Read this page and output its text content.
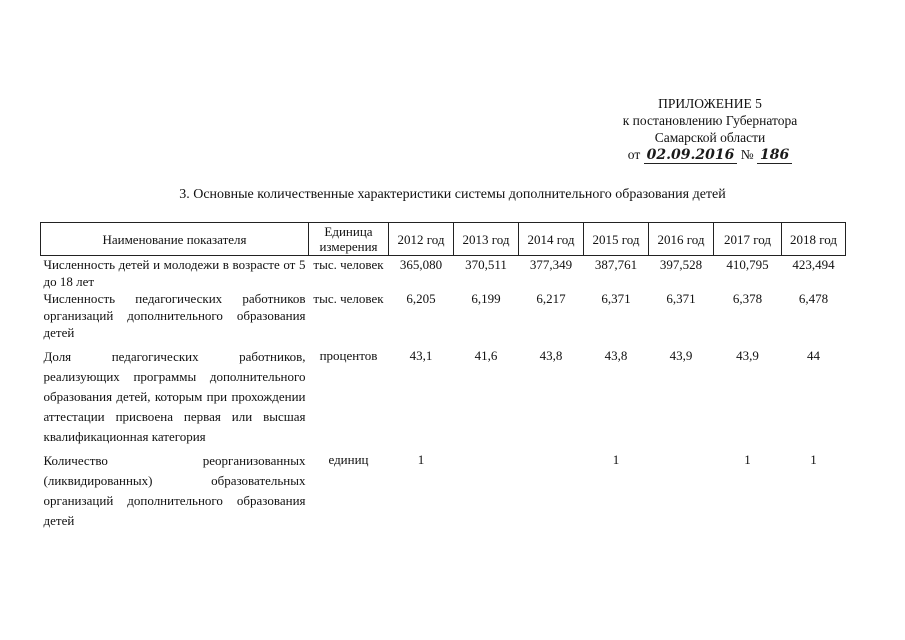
ПРИЛОЖЕНИЕ 5
к постановлению Губернатора
Самарской области
от 02.09.2016 № 186
3. Основные количественные характеристики системы дополнительного образования детей
Наименование показателя	Единица измерения	2012 год	2013 год	2014 год	2015 год	2016 год	2017 год	2018 год
Численность детей и молодежи в возрасте от 5 до 18 лет	тыс. человек	365,080	370,511	377,349	387,761	397,528	410,795	423,494
Численность педагогических работников организаций дополнительного образования детей	тыс. человек	6,205	6,199	6,217	6,371	6,371	6,378	6,478
Доля педагогических работников, реализующих программы дополнительного образования детей, которым при прохождении аттестации присвоена первая или высшая квалификационная категория	процентов	43,1	41,6	43,8	43,8	43,9	43,9	44
Количество реорганизованных (ликвидированных) образовательных организаций дополнительного образования детей	единиц	1			1		1	1
